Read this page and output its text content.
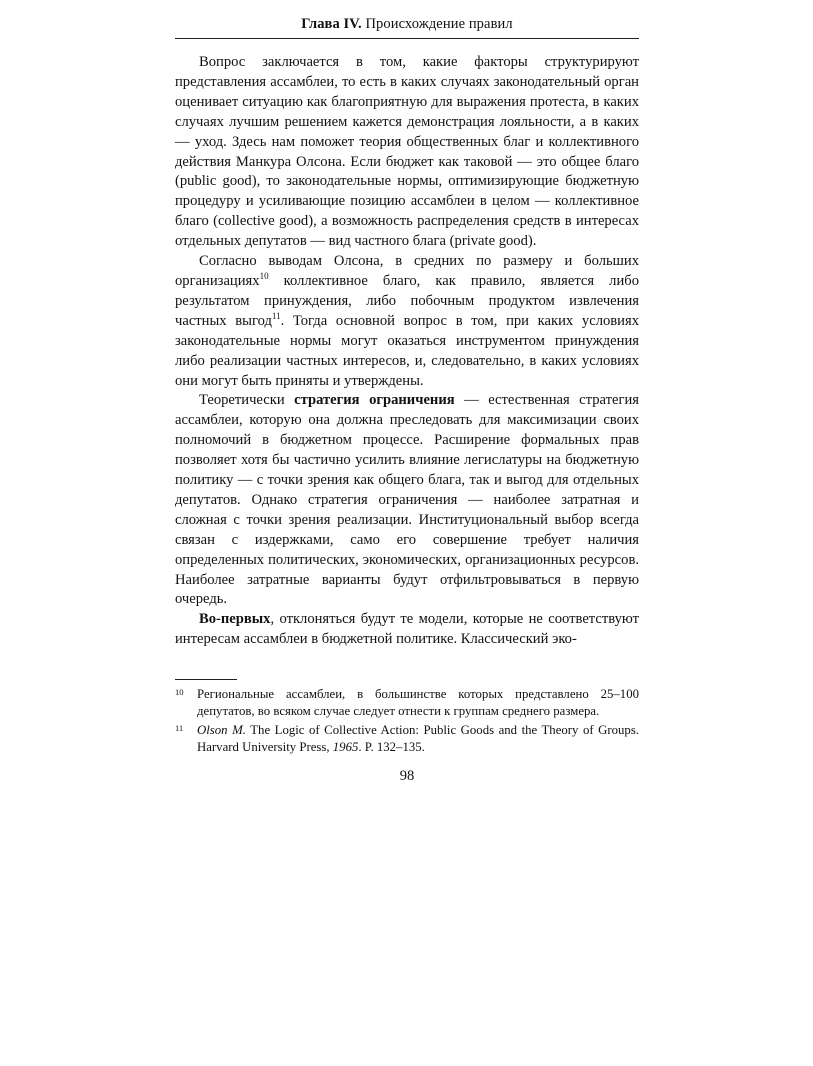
Глава IV. Происхождение правил

Вопрос заключается в том, какие факторы структурируют представления ассамблеи, то есть в каких случаях законодательный орган оценивает ситуацию как благоприятную для выражения протеста, в каких случаях лучшим решением кажется демонстрация лояльности, а в каких — уход. Здесь нам поможет теория общественных благ и коллективного действия Манкура Олсона. Если бюджет как таковой — это общее благо (public good), то законодательные нормы, оптимизирующие бюджетную процедуру и усиливающие позицию ассамблеи в целом — коллективное благо (collective good), а возможность распределения средств в интересах отдельных депутатов — вид частного блага (private good).

Согласно выводам Олсона, в средних по размеру и больших организациях$^{10}$ коллективное благо, как правило, является либо результатом принуждения, либо побочным продуктом извлечения частных выгод$^{11}$. Тогда основной вопрос в том, при каких условиях законодательные нормы могут оказаться инструментом принуждения либо реализации частных интересов, и, следовательно, в каких условиях они могут быть приняты и утверждены.

Теоретически стратегия ограничения — естественная стратегия ассамблеи, которую она должна преследовать для максимизации своих полномочий в бюджетном процессе. Расширение формальных прав позволяет хотя бы частично усилить влияние легислатуры на бюджетную политику — с точки зрения как общего блага, так и выгод для отдельных депутатов. Однако стратегия ограничения — наиболее затратная и сложная с точки зрения реализации. Институциональный выбор всегда связан с издержками, само его совершение требует наличия определенных политических, экономических, организационных ресурсов. Наиболее затратные варианты будут отфильтровываться в первую очередь.

Во-первых, отклоняться будут те модели, которые не соответствуют интересам ассамблеи в бюджетной политике. Классический эко-

10 Региональные ассамблеи, в большинстве которых представлено 25–100 депутатов, во всяком случае следует отнести к группам среднего размера.
11 Olson M. The Logic of Collective Action: Public Goods and the Theory of Groups. Harvard University Press, 1965. P. 132–135.
98
